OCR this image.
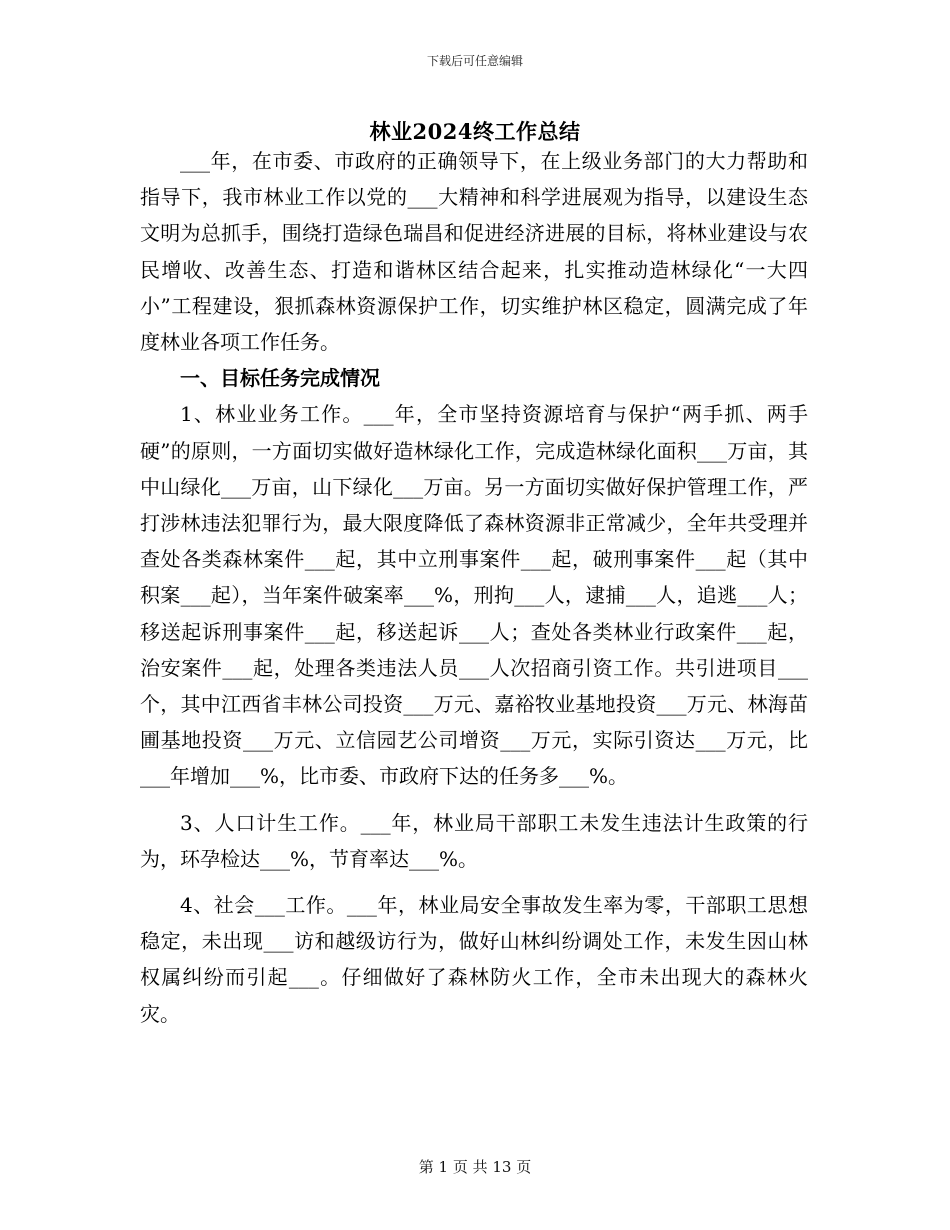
下载后可任意编辑
林业2024终工作总结

___年，在市委、市政府的正确领导下，在上级业务部门的大力帮助和指导下，我市林业工作以党的___大精神和科学进展观为指导，以建设生态文明为总抓手，围绕打造绿色瑞昌和促进经济进展的目标，将林业建设与农民增收、改善生态、打造和谐林区结合起来，扎实推动造林绿化“一大四小”工程建设，狠抓森林资源保护工作，切实维护林区稳定，圆满完成了年度林业各项工作任务。

一、目标任务完成情况

1、林业业务工作。___年，全市坚持资源培育与保护“两手抓、两手硬”的原则，一方面切实做好造林绿化工作，完成造林绿化面积___万亩，其中山绿化___万亩，山下绿化___万亩。另一方面切实做好保护管理工作，严打涉林违法犯罪行为，最大限度降低了森林资源非正常减少，全年共受理并查处各类森林案件___起，其中立刑事案件___起，破刑事案件___起（其中积案___起），当年案件破案率___%，刑拘___人，逮捕___人，追逃___人；移送起诉刑事案件___起，移送起诉___人；查处各类林业行政案件___起，治安案件___起，处理各类违法人员___人次招商引资工作。共引进项目___个，其中江西省丰林公司投资___万元、嘉裕牧业基地投资___万元、林海苗圃基地投资___万元、立信园艺公司增资___万元，实际引资达___万元，比___年增加___%，比市委、市政府下达的任务多___%。

3、人口计生工作。___年，林业局干部职工未发生违法计生政策的行为，环孕检达___%，节育率达___%。

4、社会___工作。___年，林业局安全事故发生率为零，干部职工思想稳定，未出现___访和越级访行为，做好山林纠纷调处工作，未发生因山林权属纠纷而引起___。仔细做好了森林防火工作，全市未出现大的森林火灾。

第 1 页 共 13 页
